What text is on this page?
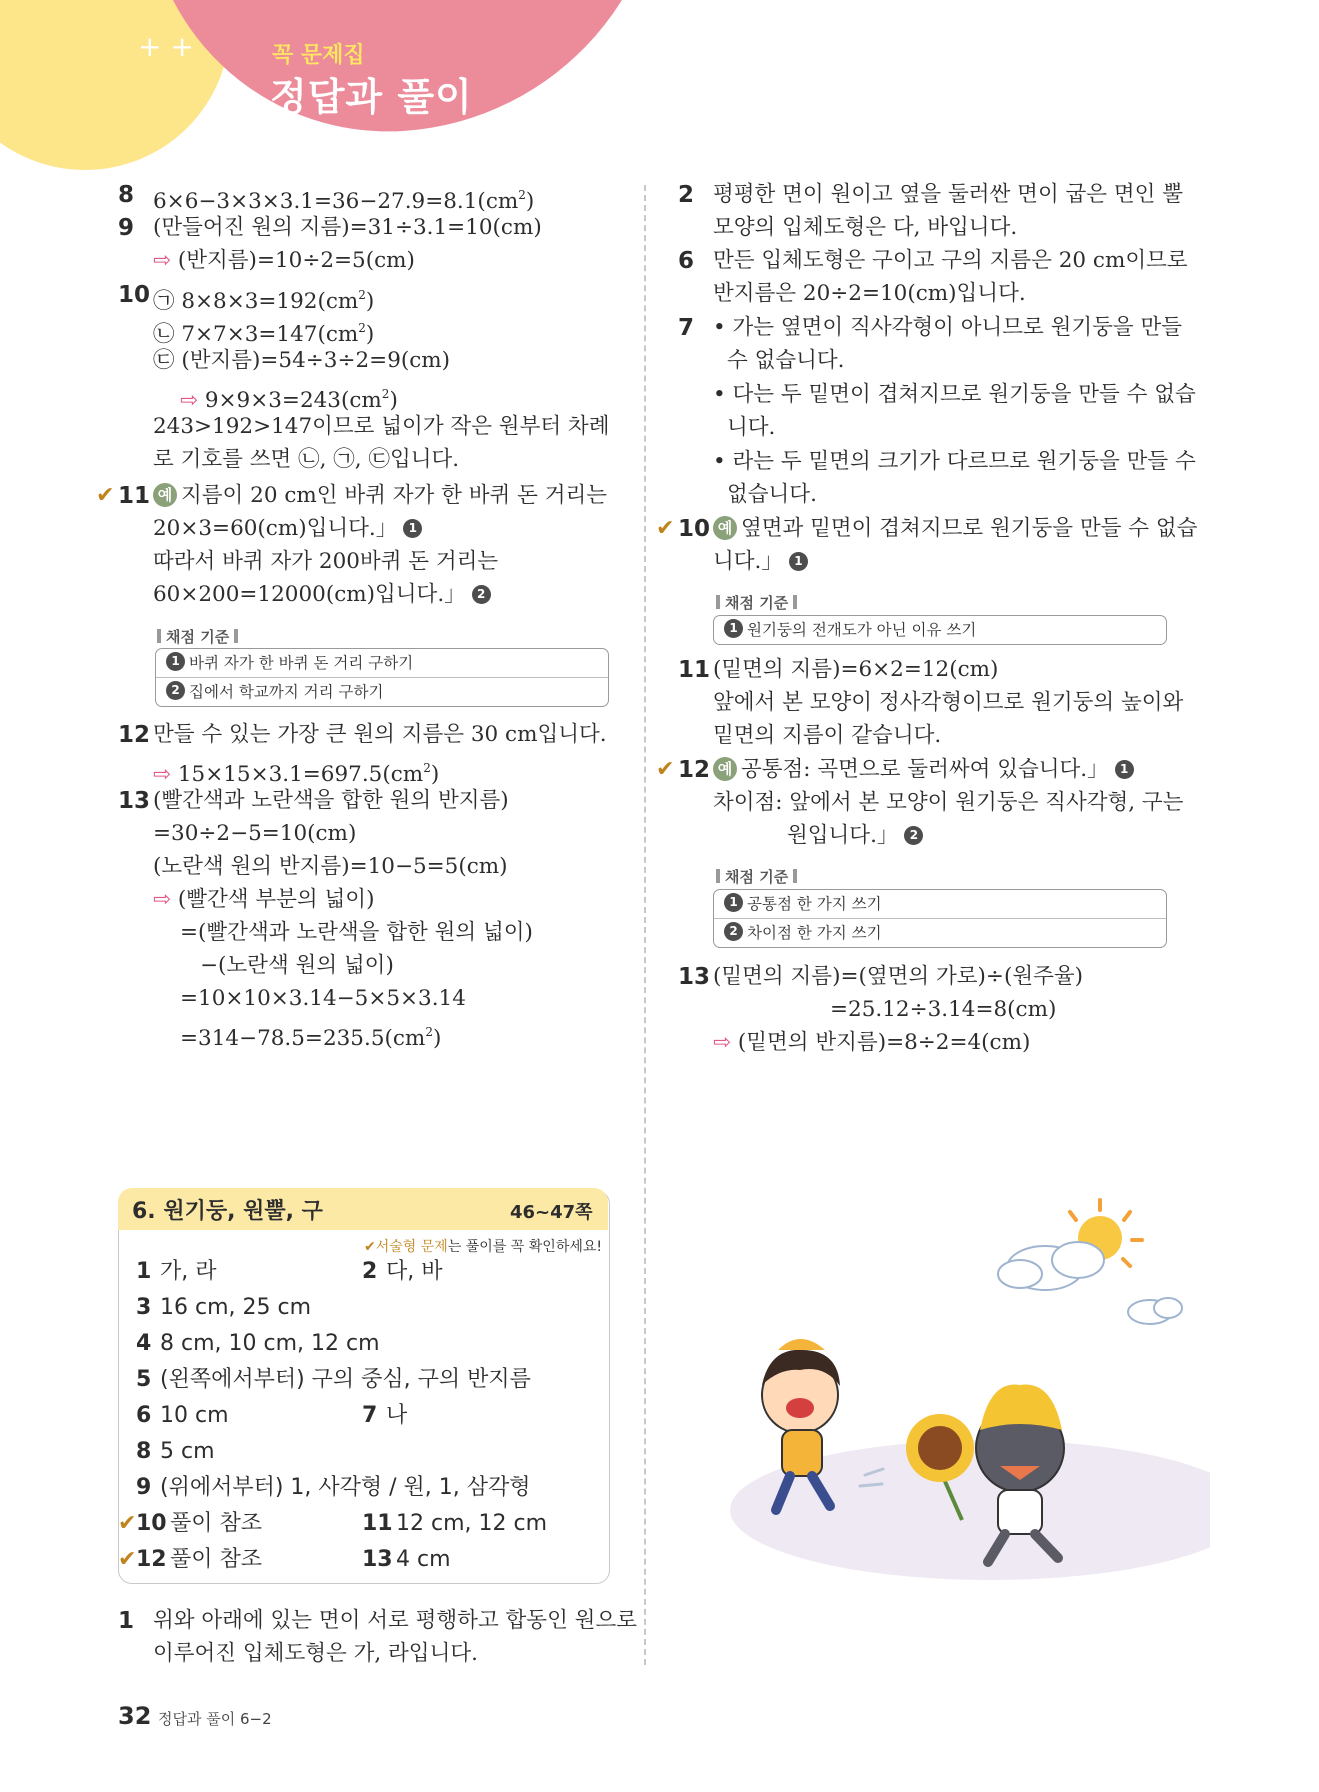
+ +	꼭 문제집
정답과 풀이
8 $6\times 6-3\times 3\times 3.1=36-27.9=8.1(cm^2)$
9 (만들어진 원의 지름)=31÷3.1=10(cm)
⇨ (반지름)=10÷2=5(cm)
10 ㉠ $8\times 8\times 3=192(cm^2)$
㉡ $7\times 7\times 3=147(cm^2)$
㉢ (반지름)=54÷3÷2=9(cm)
⇨ $9\times 9\times 3=243(cm^2)$
243>192>147이므로 넓이가 작은 원부터 차례
로 기호를 쓰면 ㉡, ㉠, ㉢입니다.
✔ 11 예 지름이 20 cm인 바퀴 자가 한 바퀴 돈 거리는
20×3=60(cm)입니다.」 1
따라서 바퀴 자가 200바퀴 돈 거리는
60×200=12000(cm)입니다.」 2
채점 기준
1 바퀴 자가 한 바퀴 돈 거리 구하기
2 집에서 학교까지 거리 구하기
12 만들 수 있는 가장 큰 원의 지름은 30 cm입니다.
⇨ $15\times 15\times 3.1=697.5(cm^2)$
13 (빨간색과 노란색을 합한 원의 반지름)
=30÷2−5=10(cm)
(노란색 원의 반지름)=10−5=5(cm)
⇨ (빨간색 부분의 넓이)
=(빨간색과 노란색을 합한 원의 넓이)
−(노란색 원의 넓이)
=10×10×3.14−5×5×3.14
$=314-78.5=235.5(cm^2)$
6. 원기둥, 원뿔, 구	46~47쪽
✔서술형 문제는 풀이를 꼭 확인하세요!
1 가, 라	2 다, 바
3 16 cm, 25 cm
4 8 cm, 10 cm, 12 cm
5 (왼쪽에서부터) 구의 중심, 구의 반지름
6 10 cm	7 나
8 5 cm
9 (위에서부터) 1, 사각형 / 원, 1, 삼각형
✔ 10 풀이 참조	11 12 cm, 12 cm
✔ 12 풀이 참조	13 4 cm
1 위와 아래에 있는 면이 서로 평행하고 합동인 원으로
이루어진 입체도형은 가, 라입니다.
2 평평한 면이 원이고 옆을 둘러싼 면이 굽은 면인 뿔
모양의 입체도형은 다, 바입니다.
6 만든 입체도형은 구이고 구의 지름은 20 cm이므로
반지름은 20÷2=10(cm)입니다.
7 • 가는 옆면이 직사각형이 아니므로 원기둥을 만들
수 없습니다.
• 다는 두 밑면이 겹쳐지므로 원기둥을 만들 수 없습
니다.
• 라는 두 밑면의 크기가 다르므로 원기둥을 만들 수
없습니다.
✔ 10 예 옆면과 밑면이 겹쳐지므로 원기둥을 만들 수 없습
니다.」 1
채점 기준
1 원기둥의 전개도가 아닌 이유 쓰기
11 (밑면의 지름)=6×2=12(cm)
앞에서 본 모양이 정사각형이므로 원기둥의 높이와
밑면의 지름이 같습니다.
✔ 12 예 공통점: 곡면으로 둘러싸여 있습니다.」 1
차이점: 앞에서 본 모양이 원기둥은 직사각형, 구는
원입니다.」 2
채점 기준
1 공통점 한 가지 쓰기
2 차이점 한 가지 쓰기
13 (밑면의 지름)=(옆면의 가로)÷(원주율)
=25.12÷3.14=8(cm)
⇨ (밑면의 반지름)=8÷2=4(cm)
32 정답과 풀이 6−2
